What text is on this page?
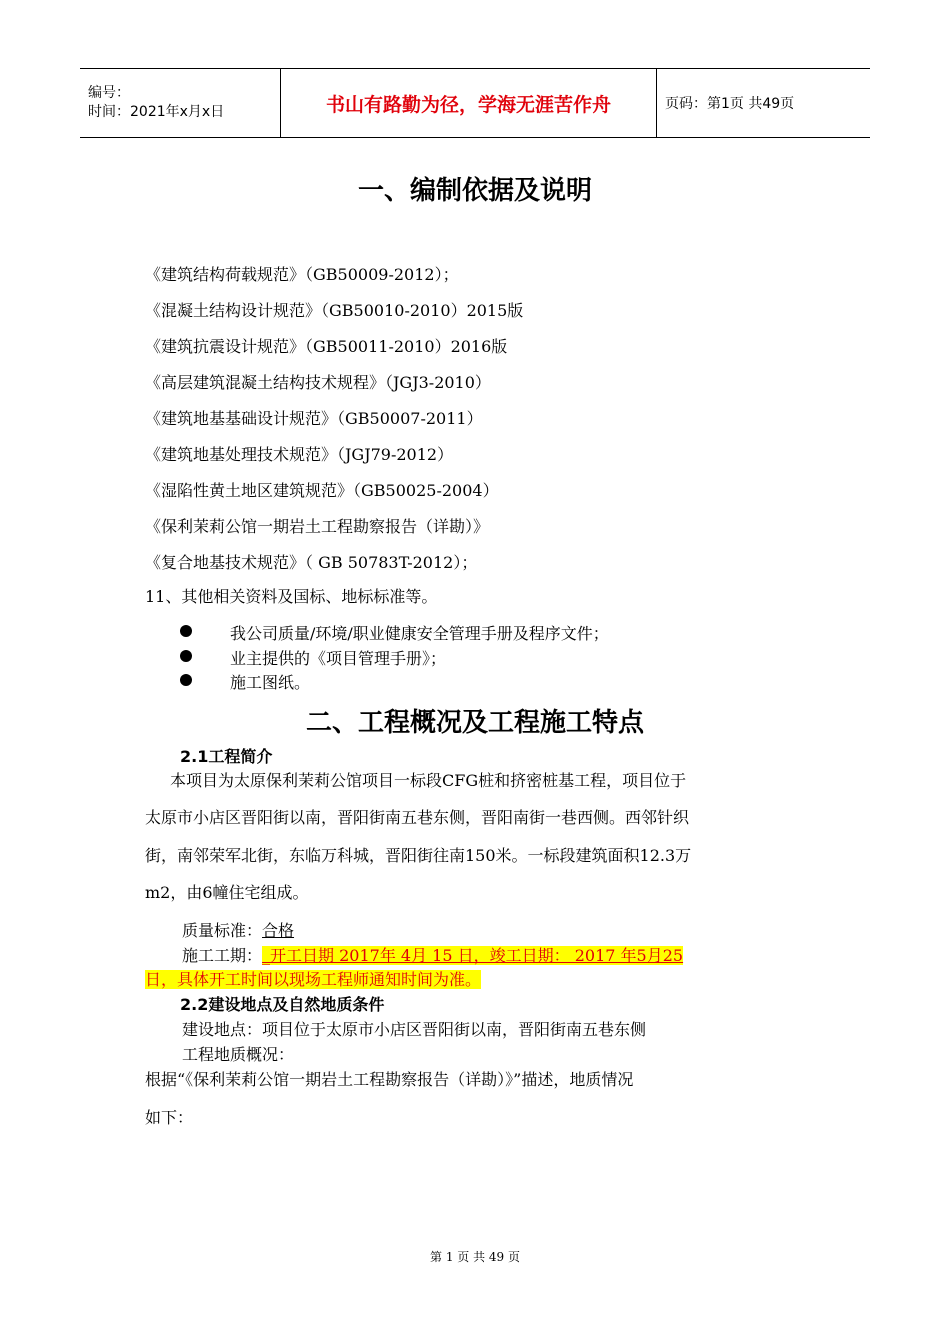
编号：
时间：2021年x月x日	书山有路勤为径，学海无涯苦作舟	页码：第1页 共49页
一、编制依据及说明
《建筑结构荷载规范》（GB50009-2012）；
《混凝土结构设计规范》（GB50010-2010）2015版
《建筑抗震设计规范》（GB50011-2010）2016版
《高层建筑混凝土结构技术规程》（JGJ3-2010）
《建筑地基基础设计规范》（GB50007-2011）
《建筑地基处理技术规范》（JGJ79-2012）
《湿陷性黄土地区建筑规范》（GB50025-2004）
《保利茉莉公馆一期岩土工程勘察报告（详勘）》
《复合地基技术规范》（ GB 50783T-2012）；
11、其他相关资料及国标、地标标准等。
我公司质量/环境/职业健康安全管理手册及程序文件；
业主提供的《项目管理手册》；
施工图纸。
二、工程概况及工程施工特点
2.1工程简介
本项目为太原保利茉莉公馆项目一标段CFG桩和挤密桩基工程，项目位于
太原市小店区晋阳街以南，晋阳街南五巷东侧，晋阳南街一巷西侧。西邻针织
街，南邻荣军北街，东临万科城，晋阳街往南150米。一标段建筑面积12.3万
m2，由6幢住宅组成。
质量标准：合格
施工工期：_开工日期 2017年 4月 15 日，竣工日期： 2017 年5月25
日，具体开工时间以现场工程师通知时间为准。
2.2建设地点及自然地质条件
建设地点：项目位于太原市小店区晋阳街以南，晋阳街南五巷东侧
工程地质概况：
根据“《保利茉莉公馆一期岩土工程勘察报告（详勘）》”描述，地质情况
如下：
第 1 页 共 49 页
